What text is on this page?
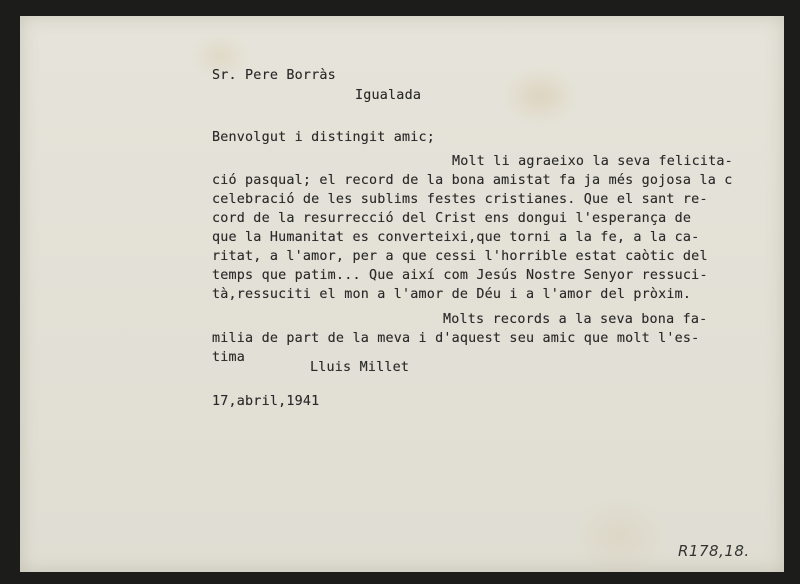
Sr. Pere Borràs
Igualada
Benvolgut i distingit amic;
Molt li agraeixo la seva felicita-
ció pasqual; el record de la bona amistat fa ja més gojosa la c
celebració de les sublims festes cristianes. Que el sant re-
cord de la resurrecció del Crist ens dongui l'esperança de
que la Humanitat es converteixi,que torni a la fe, a la ca-
ritat, a l'amor, per a que cessi l'horrible estat caòtic del
temps que patim... Que així com Jesús Nostre Senyor ressuci-
tà,ressuciti el mon a l'amor de Déu i a l'amor del pròxim.
Molts records a la seva bona fa-
milia de part de la meva i d'aquest seu amic que molt l'es-
tima
Lluis Millet
17,abril,1941
R178,18.
